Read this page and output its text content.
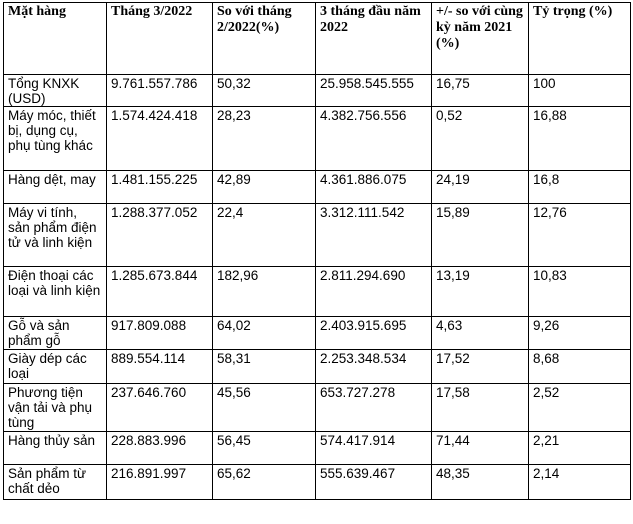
Mặt hàng	Tháng 3/2022	So với tháng 2/2022(%)	3 tháng đầu năm 2022	+/- so với cùng kỳ năm 2021 (%)	Tỷ trọng (%)
Tổng KNXK (USD)	9.761.557.786	50,32	25.958.545.555	16,75	100
Máy móc, thiết bị, dụng cụ, phụ tùng khác	1.574.424.418	28,23	4.382.756.556	0,52	16,88
Hàng dệt, may	1.481.155.225	42,89	4.361.886.075	24,19	16,8
Máy vi tính, sản phẩm điện tử và linh kiện	1.288.377.052	22,4	3.312.111.542	15,89	12,76
Điện thoại các loại và linh kiện	1.285.673.844	182,96	2.811.294.690	13,19	10,83
Gỗ và sản phẩm gỗ	917.809.088	64,02	2.403.915.695	4,63	9,26
Giày dép các loại	889.554.114	58,31	2.253.348.534	17,52	8,68
Phương tiện vận tải và phụ tùng	237.646.760	45,56	653.727.278	17,58	2,52
Hàng thủy sản	228.883.996	56,45	574.417.914	71,44	2,21
Sản phẩm từ chất dẻo	216.891.997	65,62	555.639.467	48,35	2,14
